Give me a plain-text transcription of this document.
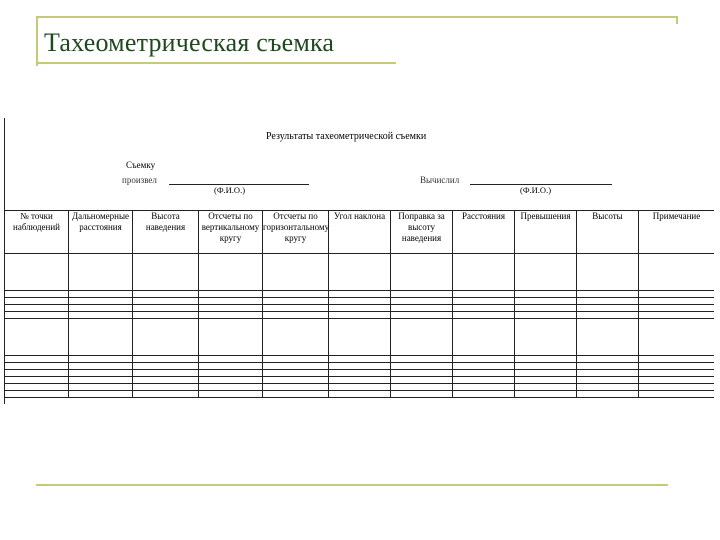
Тахеометрическая съемка
Результаты тахеометрической съемки
Съемку
произвел
(Ф.И.О.)
Вычислил
(Ф.И.О.)
№ точки наблюдений	Дальномерные расстояния	Высота наведения	Отсчеты по вертикальному кругу	Отсчеты по горизонтальному кругу	Угол наклона	Поправка за высоту наведения	Расстояния	Превышения	Высоты	Примечание
